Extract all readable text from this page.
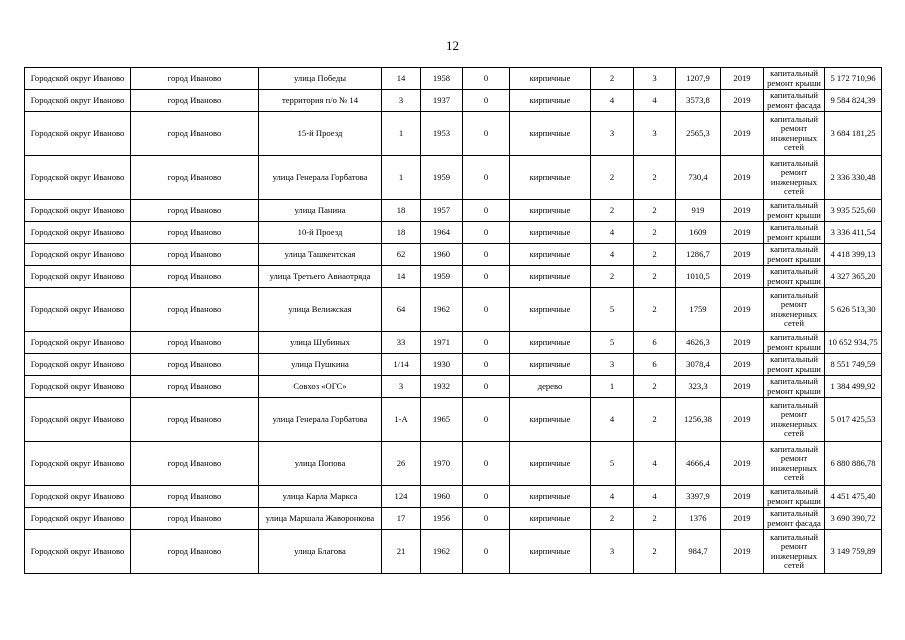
12
Городской округ Иваново	город Иваново	улица Победы	14	1958	0	кирпичные	2	3	1207,9	2019	капитальный ремонт крыши	5 172 710,96
Городской округ Иваново	город Иваново	территория п/о № 14	3	1937	0	кирпичные	4	4	3573,8	2019	капитальный ремонт фасада	9 584 824,39
Городской округ Иваново	город Иваново	15-й Проезд	1	1953	0	кирпичные	3	3	2565,3	2019	капитальный ремонт инженерных сетей	3 684 181,25
Городской округ Иваново	город Иваново	улица Генерала Горбатова	1	1959	0	кирпичные	2	2	730,4	2019	капитальный ремонт инженерных сетей	2 336 330,48
Городской округ Иваново	город Иваново	улица Панина	18	1957	0	кирпичные	2	2	919	2019	капитальный ремонт крыши	3 935 525,60
Городской округ Иваново	город Иваново	10-й Проезд	18	1964	0	кирпичные	4	2	1609	2019	капитальный ремонт крыши	3 336 411,54
Городской округ Иваново	город Иваново	улица Ташкентская	62	1960	0	кирпичные	4	2	1286,7	2019	капитальный ремонт крыши	4 418 399,13
Городской округ Иваново	город Иваново	улица Третьего Авиаотряда	14	1959	0	кирпичные	2	2	1010,5	2019	капитальный ремонт крыши	4 327 365,20
Городской округ Иваново	город Иваново	улица Велижская	64	1962	0	кирпичные	5	2	1759	2019	капитальный ремонт инженерных сетей	5 626 513,30
Городской округ Иваново	город Иваново	улица Шубиных	33	1971	0	кирпичные	5	6	4626,3	2019	капитальный ремонт крыши	10 652 934,75
Городской округ Иваново	город Иваново	улица Пушкина	1/14	1930	0	кирпичные	3	6	3078,4	2019	капитальный ремонт крыши	8 551 749,59
Городской округ Иваново	город Иваново	Совхоз «ОГС»	3	1932	0	дерево	1	2	323,3	2019	капитальный ремонт крыши	1 384 499,92
Городской округ Иваново	город Иваново	улица Генерала Горбатова	1-А	1965	0	кирпичные	4	2	1256,38	2019	капитальный ремонт инженерных сетей	5 017 425,53
Городской округ Иваново	город Иваново	улица Попова	26	1970	0	кирпичные	5	4	4666,4	2019	капитальный ремонт инженерных сетей	6 880 886,78
Городской округ Иваново	город Иваново	улица Карла Маркса	124	1960	0	кирпичные	4	4	3397,9	2019	капитальный ремонт крыши	4 451 475,40
Городской округ Иваново	город Иваново	улица Маршала Жаворонкова	17	1956	0	кирпичные	2	2	1376	2019	капитальный ремонт фасада	3 690 390,72
Городской округ Иваново	город Иваново	улица Благова	21	1962	0	кирпичные	3	2	984,7	2019	капитальный ремонт инженерных сетей	3 149 759,89
